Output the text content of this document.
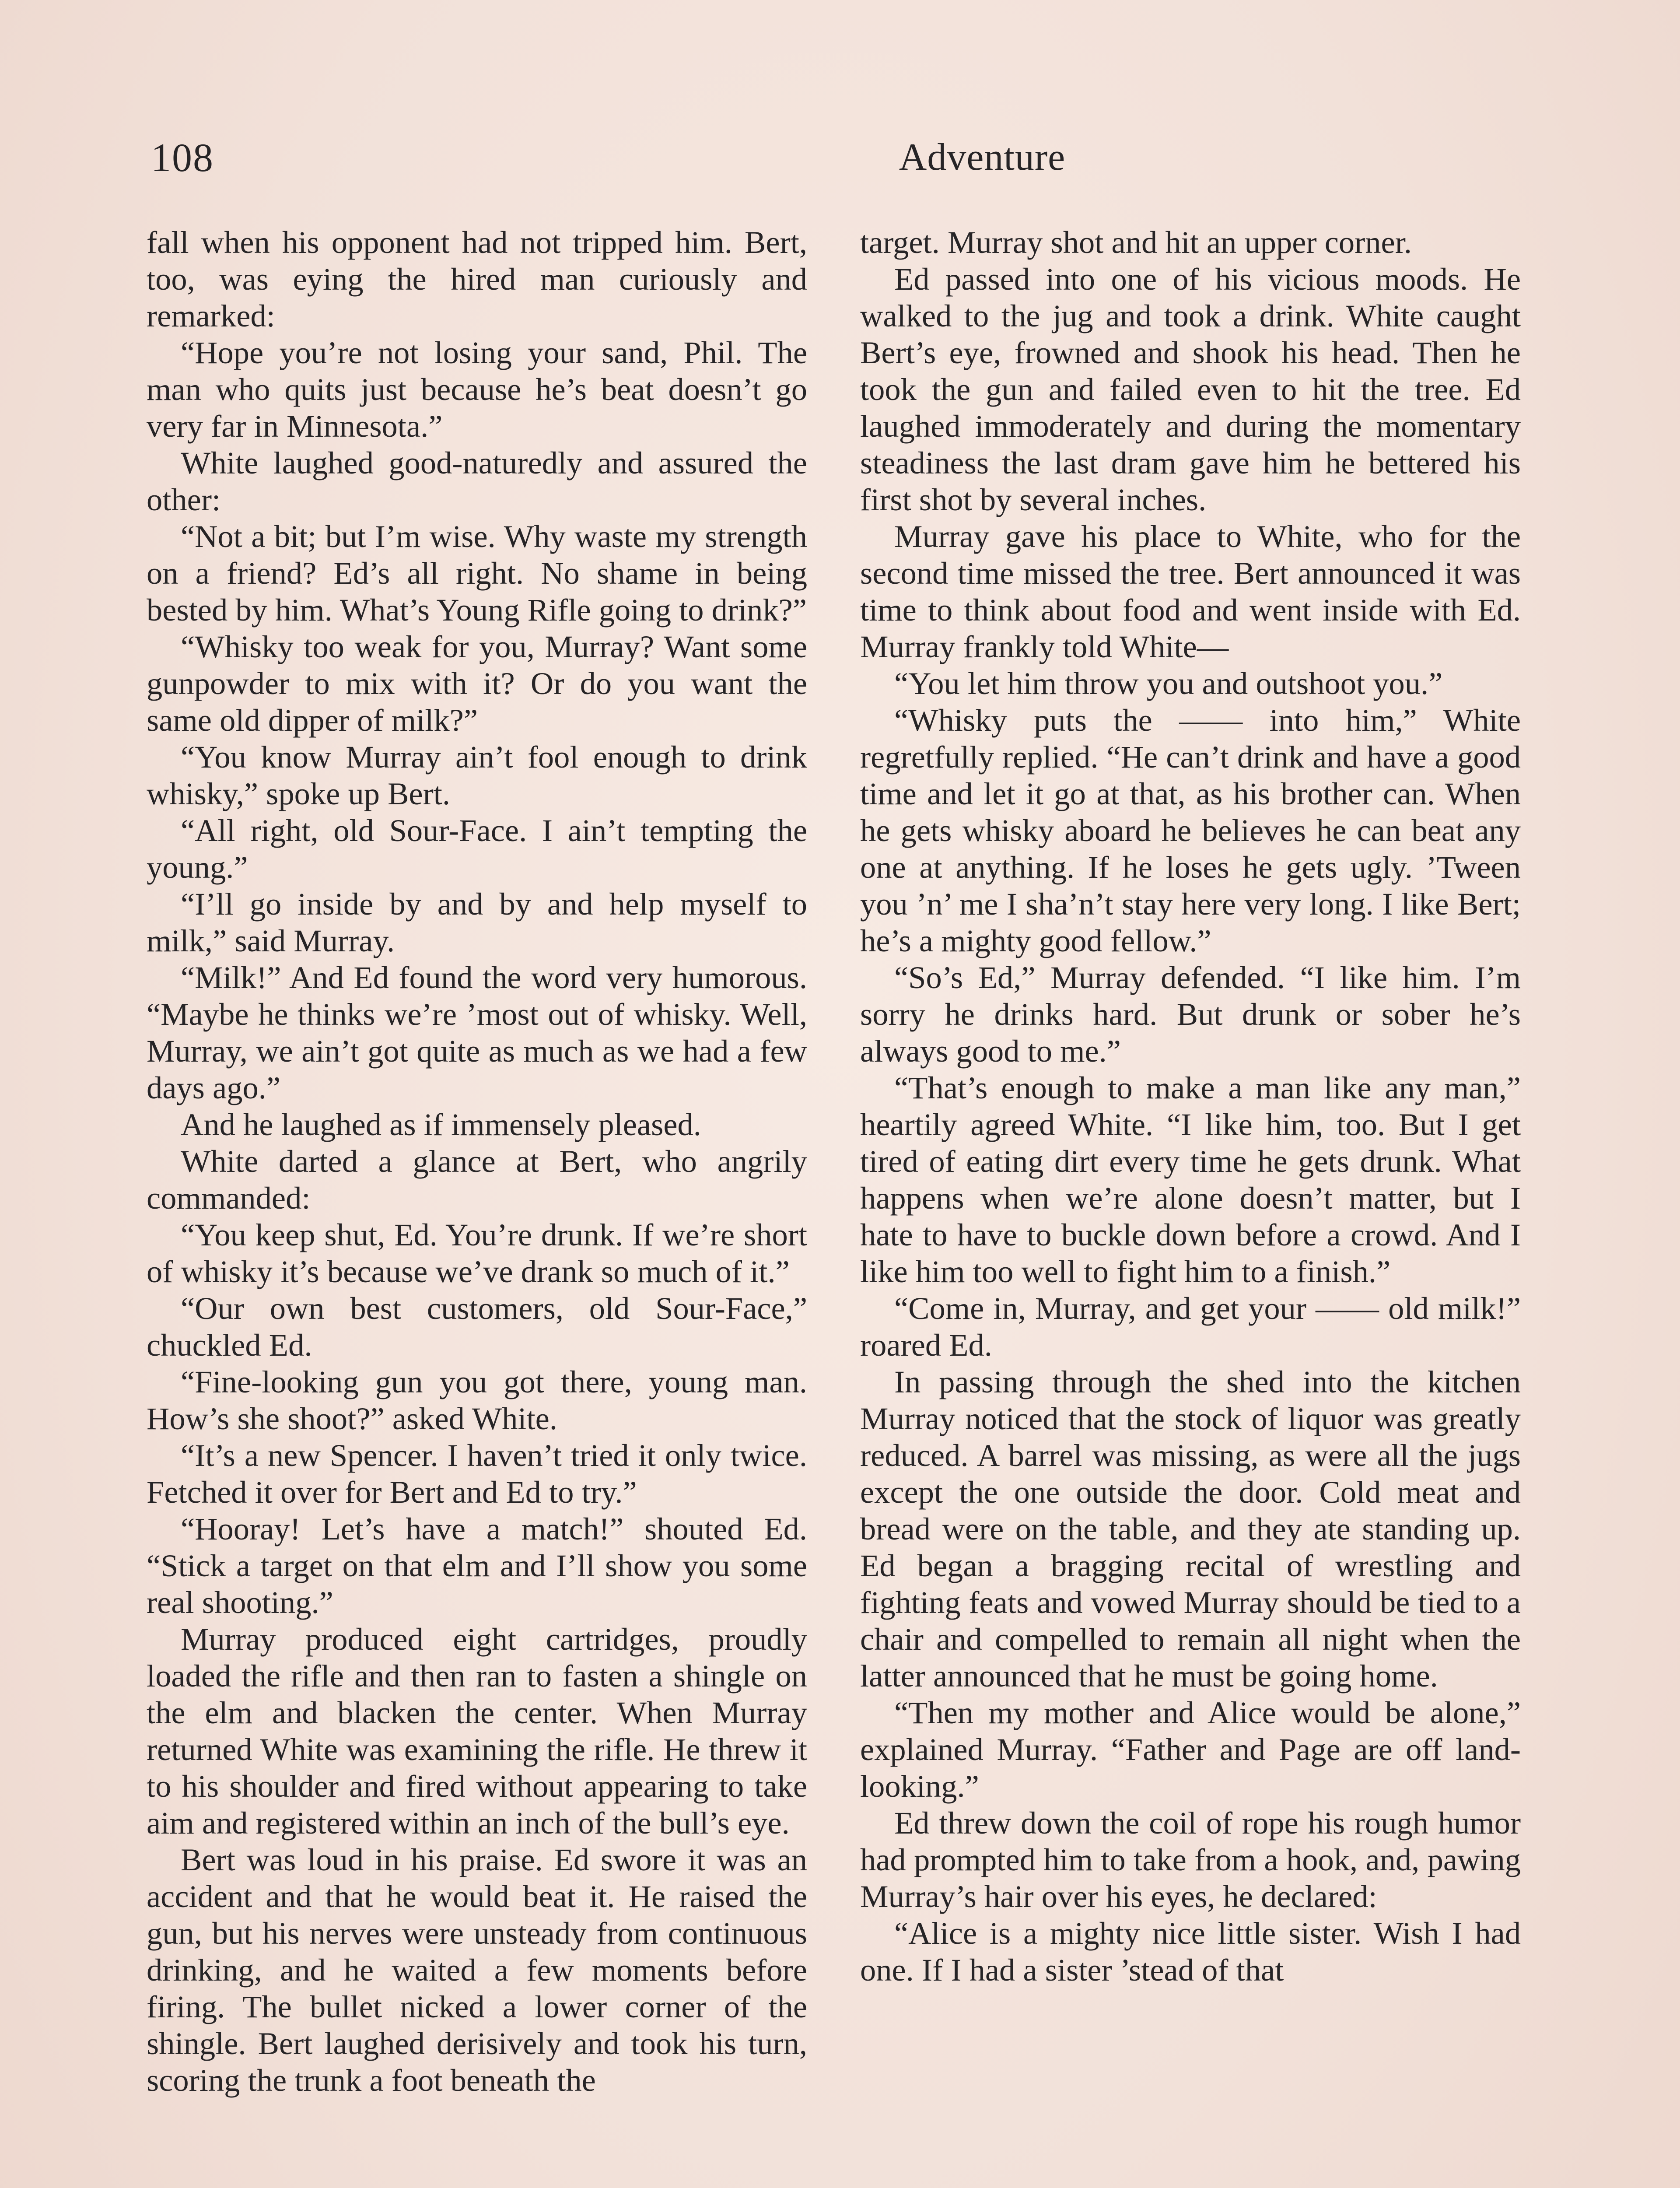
108	Adventure

fall when his opponent had not tripped him. Bert, too, was eying the hired man curiously and remarked:

“Hope you’re not losing your sand, Phil. The man who quits just because he’s beat doesn’t go very far in Minnesota.”

White laughed good-naturedly and assured the other:

“Not a bit; but I’m wise. Why waste my strength on a friend? Ed’s all right. No shame in being bested by him. What’s Young Rifle going to drink?”

“Whisky too weak for you, Murray? Want some gunpowder to mix with it? Or do you want the same old dipper of milk?”

“You know Murray ain’t fool enough to drink whisky,” spoke up Bert.

“All right, old Sour-Face. I ain’t tempting the young.”

“I’ll go inside by and by and help myself to milk,” said Murray.

“Milk!” And Ed found the word very humorous. “Maybe he thinks we’re ’most out of whisky. Well, Murray, we ain’t got quite as much as we had a few days ago.”

And he laughed as if immensely pleased.

White darted a glance at Bert, who angrily commanded:

“You keep shut, Ed. You’re drunk. If we’re short of whisky it’s because we’ve drank so much of it.”

“Our own best customers, old Sour-Face,” chuckled Ed.

“Fine-looking gun you got there, young man. How’s she shoot?” asked White.

“It’s a new Spencer. I haven’t tried it only twice. Fetched it over for Bert and Ed to try.”

“Hooray! Let’s have a match!” shouted Ed. “Stick a target on that elm and I’ll show you some real shooting.”

Murray produced eight cartridges, proudly loaded the rifle and then ran to fasten a shingle on the elm and blacken the center. When Murray returned White was examining the rifle. He threw it to his shoulder and fired without appearing to take aim and registered within an inch of the bull’s eye.

Bert was loud in his praise. Ed swore it was an accident and that he would beat it. He raised the gun, but his nerves were unsteady from continuous drinking, and he waited a few moments before firing. The bullet nicked a lower corner of the shingle. Bert laughed derisively and took his turn, scoring the trunk a foot beneath the

target. Murray shot and hit an upper corner.

Ed passed into one of his vicious moods. He walked to the jug and took a drink. White caught Bert’s eye, frowned and shook his head. Then he took the gun and failed even to hit the tree. Ed laughed immoderately and during the momentary steadiness the last dram gave him he bettered his first shot by several inches.

Murray gave his place to White, who for the second time missed the tree. Bert announced it was time to think about food and went inside with Ed. Murray frankly told White—

“You let him throw you and outshoot you.”

“Whisky puts the —— into him,” White regretfully replied. “He can’t drink and have a good time and let it go at that, as his brother can. When he gets whisky aboard he believes he can beat any one at anything. If he loses he gets ugly. ’Tween you ’n’ me I sha’n’t stay here very long. I like Bert; he’s a mighty good fellow.”

“So’s Ed,” Murray defended. “I like him. I’m sorry he drinks hard. But drunk or sober he’s always good to me.”

“That’s enough to make a man like any man,” heartily agreed White. “I like him, too. But I get tired of eating dirt every time he gets drunk. What happens when we’re alone doesn’t matter, but I hate to have to buckle down before a crowd. And I like him too well to fight him to a finish.”

“Come in, Murray, and get your —— old milk!” roared Ed.

In passing through the shed into the kitchen Murray noticed that the stock of liquor was greatly reduced. A barrel was missing, as were all the jugs except the one outside the door. Cold meat and bread were on the table, and they ate standing up. Ed began a bragging recital of wrestling and fighting feats and vowed Murray should be tied to a chair and compelled to remain all night when the latter announced that he must be going home.

“Then my mother and Alice would be alone,” explained Murray. “Father and Page are off land-looking.”

Ed threw down the coil of rope his rough humor had prompted him to take from a hook, and, pawing Murray’s hair over his eyes, he declared:

“Alice is a mighty nice little sister. Wish I had one. If I had a sister ’stead of that
